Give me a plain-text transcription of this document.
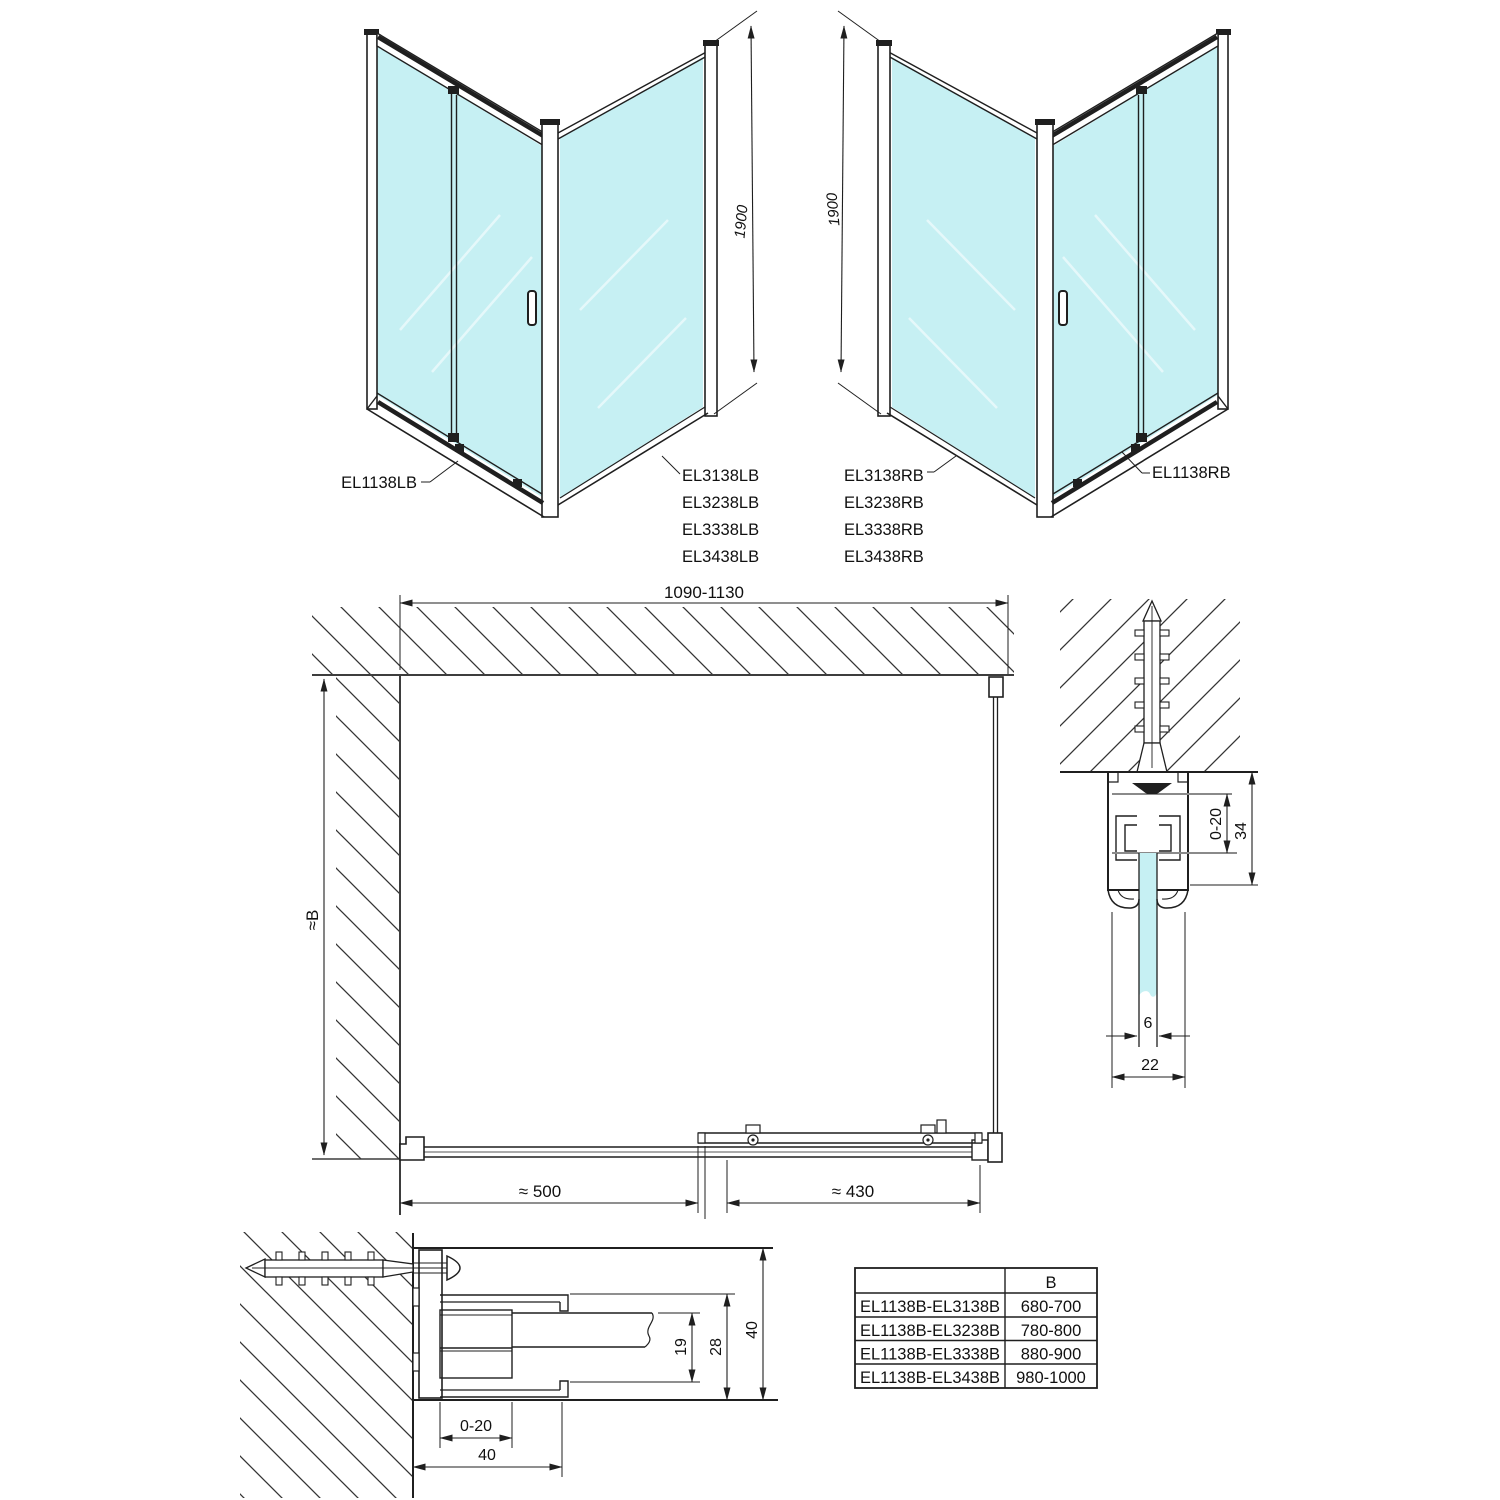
1900
EL1138LB	EL3138LB
EL3238LB
EL3338LB
EL3438LB
1900
EL3138RB
EL3238RB
EL3338RB
EL3438RB
EL1138RB
1090-1130
≈B
≈ 500	≈ 430
0-20 34
6
22
19 28
40
0-20
40
B
EL1138B-EL3138B 680-700
EL1138B-EL3238B 780-800
EL1138B-EL3338B 880-900
EL1138B-EL3438B 980-1000
